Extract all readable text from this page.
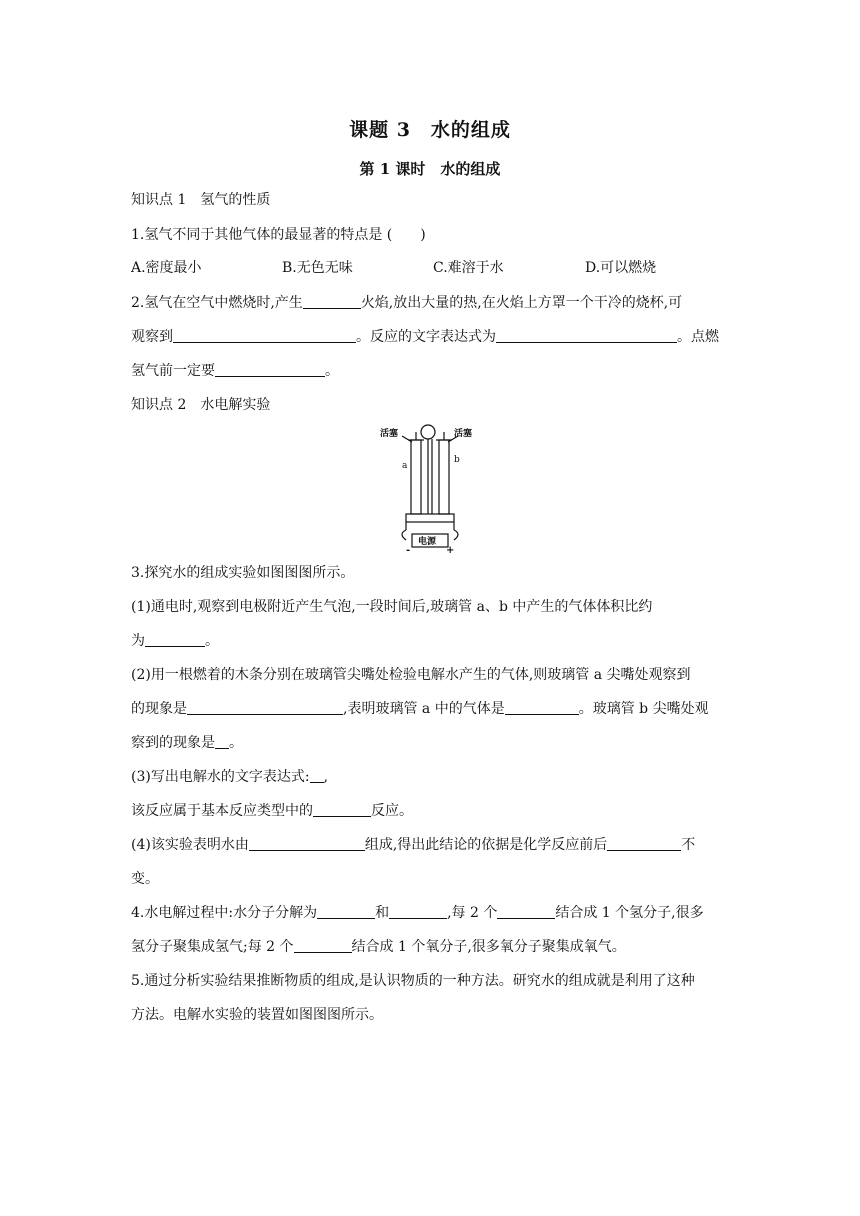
课题 3　水的组成
第 1 课时　水的组成
知识点 1　氢气的性质
1.氢气不同于其他气体的最显著的特点是 (　　)
A.密度最小	B.无色无味	C.难溶于水	D.可以燃烧
2.氢气在空气中燃烧时,产生	火焰,放出大量的热,在火焰上方罩一个干冷的烧杯,可
观察到	。反应的文字表达式为	。点燃
氢气前一定要	。
知识点 2　水电解实验
活塞	活塞
a
b
电源
-	+
3.探究水的组成实验如图图图所示。
(1)通电时,观察到电极附近产生气泡,一段时间后,玻璃管 a、b 中产生的气体体积比约
为	。
(2)用一根燃着的木条分别在玻璃管尖嘴处检验电解水产生的气体,则玻璃管 a 尖嘴处观察到
的现象是	,表明玻璃管 a 中的气体是	。玻璃管 b 尖嘴处观
察到的现象是 。
(3)写出电解水的文字表达式: ,
该反应属于基本反应类型中的	反应。
(4)该实验表明水由	组成,得出此结论的依据是化学反应前后	不
变。
4.水电解过程中:水分子分解为	和	,每 2 个	结合成 1 个氢分子,很多
氢分子聚集成氢气;每 2 个	结合成 1 个氧分子,很多氧分子聚集成氧气。
5.通过分析实验结果推断物质的组成,是认识物质的一种方法。研究水的组成就是利用了这种
方法。电解水实验的装置如图图图所示。
